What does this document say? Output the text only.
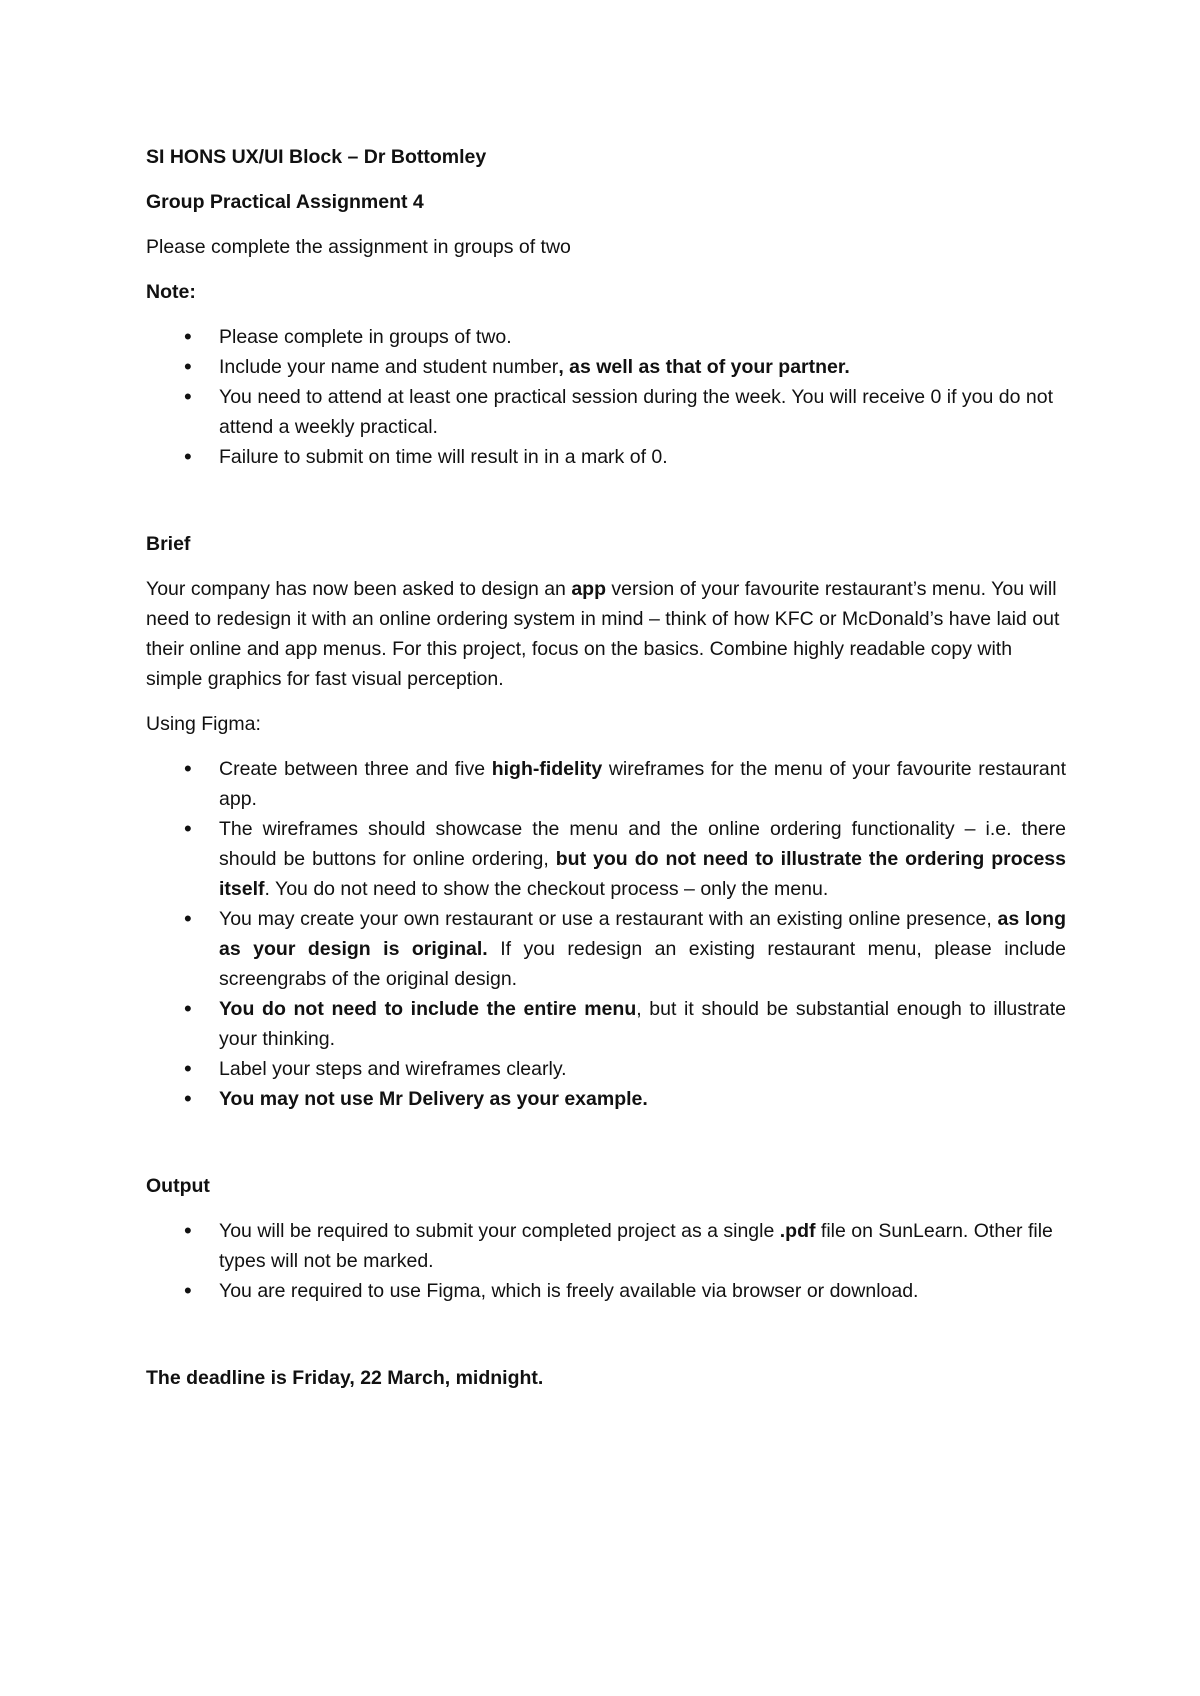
SI HONS UX/UI Block – Dr Bottomley

Group Practical Assignment 4

Please complete the assignment in groups of two

Note:

• Please complete in groups of two.
• Include your name and student number, as well as that of your partner.
• You need to attend at least one practical session during the week. You will receive 0 if you do not attend a weekly practical.
• Failure to submit on time will result in in a mark of 0.

Brief

Your company has now been asked to design an app version of your favourite restaurant’s menu. You will need to redesign it with an online ordering system in mind – think of how KFC or McDonald’s have laid out their online and app menus. For this project, focus on the basics. Combine highly readable copy with simple graphics for fast visual perception.

Using Figma:

• Create between three and five high-fidelity wireframes for the menu of your favourite restaurant app.
• The wireframes should showcase the menu and the online ordering functionality – i.e. there should be buttons for online ordering, but you do not need to illustrate the ordering process itself. You do not need to show the checkout process – only the menu.
• You may create your own restaurant or use a restaurant with an existing online presence, as long as your design is original. If you redesign an existing restaurant menu, please include screengrabs of the original design.
• You do not need to include the entire menu, but it should be substantial enough to illustrate your thinking.
• Label your steps and wireframes clearly.
• You may not use Mr Delivery as your example.

Output

• You will be required to submit your completed project as a single .pdf file on SunLearn. Other file types will not be marked.
• You are required to use Figma, which is freely available via browser or download.

The deadline is Friday, 22 March, midnight.
